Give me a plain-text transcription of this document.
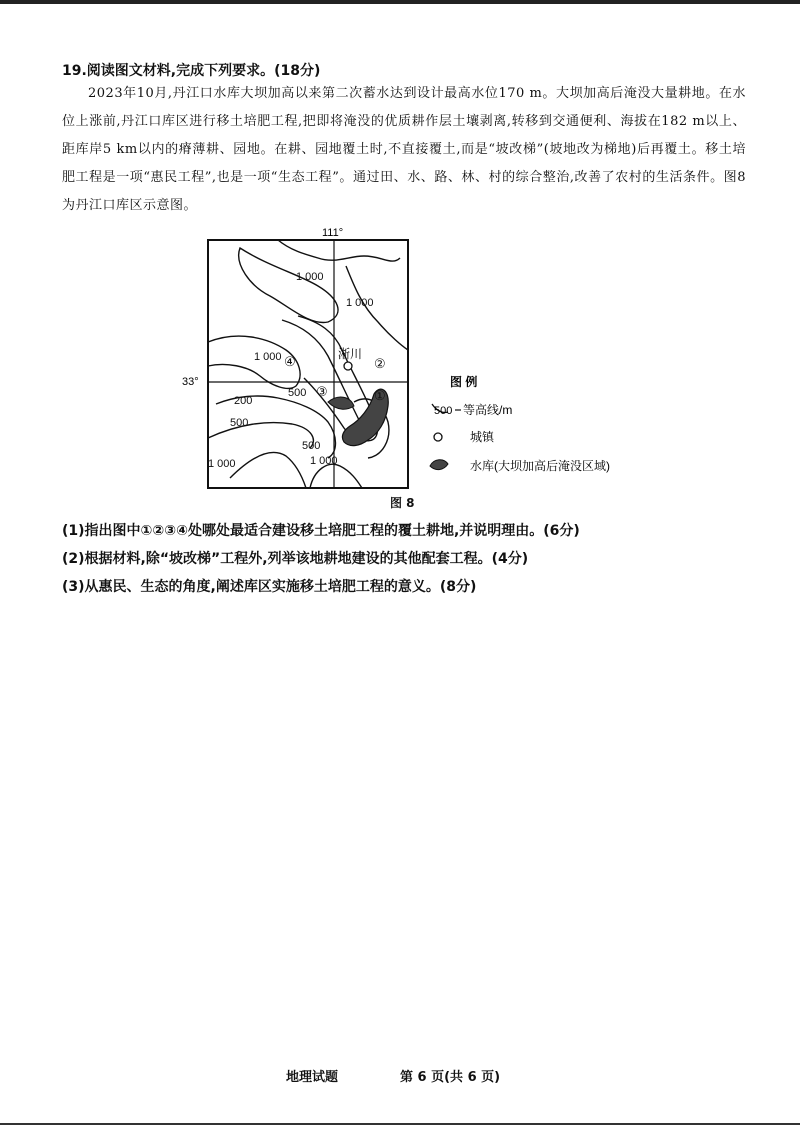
19.阅读图文材料,完成下列要求。(18分)

2023年10月,丹江口水库大坝加高以来第二次蓄水达到设计最高水位170 m。大坝加高后淹没大量耕地。在水位上涨前,丹江口库区进行移土培肥工程,把即将淹没的优质耕作层土壤剥离,转移到交通便利、海拔在182 m以上、距库岸5 km以内的瘠薄耕、园地。在耕、园地覆土时,不直接覆土,而是“坡改梯”(坡地改为梯地)后再覆土。移土培肥工程是一项“惠民工程”,也是一项“生态工程”。通过田、水、路、林、村的综合整治,改善了农村的生活条件。图8为丹江口库区示意图。

111°
33°
1 000
1 000
1 000
500
200
500
1 000
500
1 000
淅川
④	②
③	①
图 例
500 等高线/m
城镇
水库(大坝加高后淹没区域)
图 8
(1)指出图中①②③④处哪处最适合建设移土培肥工程的覆土耕地,并说明理由。(6分)
(2)根据材料,除“坡改梯”工程外,列举该地耕地建设的其他配套工程。(4分)
(3)从惠民、生态的角度,阐述库区实施移土培肥工程的意义。(8分)
地理试题	第 6 页(共 6 页)
